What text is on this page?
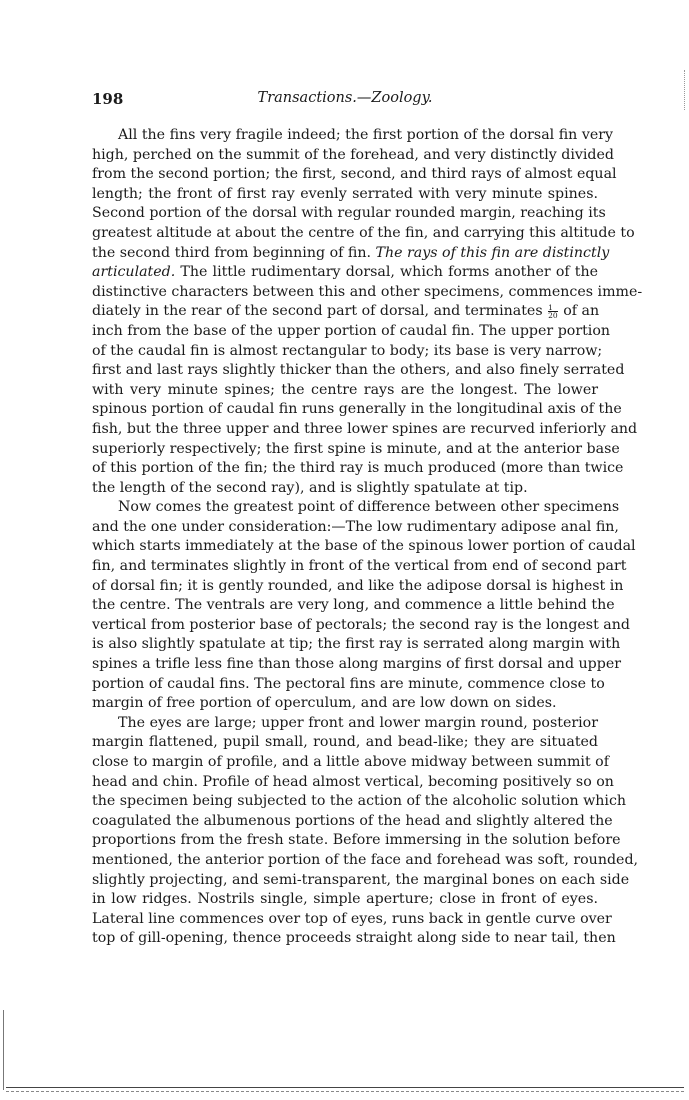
198	Transactions.—Zoology.
All the fins very fragile indeed; the first portion of the dorsal fin very
high, perched on the summit of the forehead, and very distinctly divided
from the second portion; the first, second, and third rays of almost equal
length; the front of first ray evenly serrated with very minute spines.
Second portion of the dorsal with regular rounded margin, reaching its
greatest altitude at about the centre of the fin, and carrying this altitude to
the second third from beginning of fin. The rays of this fin are distinctly
articulated. The little rudimentary dorsal, which forms another of the
distinctive characters between this and other specimens, commences imme-
diately in the rear of the second part of dorsal, and terminates $\frac{1}{20}$ of an
inch from the base of the upper portion of caudal fin. The upper portion
of the caudal fin is almost rectangular to body; its base is very narrow;
first and last rays slightly thicker than the others, and also finely serrated
with very minute spines; the centre rays are the longest. The lower
spinous portion of caudal fin runs generally in the longitudinal axis of the
fish, but the three upper and three lower spines are recurved inferiorly and
superiorly respectively; the first spine is minute, and at the anterior base
of this portion of the fin; the third ray is much produced (more than twice
the length of the second ray), and is slightly spatulate at tip.
Now comes the greatest point of difference between other specimens
and the one under consideration:—The low rudimentary adipose anal fin,
which starts immediately at the base of the spinous lower portion of caudal
fin, and terminates slightly in front of the vertical from end of second part
of dorsal fin; it is gently rounded, and like the adipose dorsal is highest in
the centre. The ventrals are very long, and commence a little behind the
vertical from posterior base of pectorals; the second ray is the longest and
is also slightly spatulate at tip; the first ray is serrated along margin with
spines a trifle less fine than those along margins of first dorsal and upper
portion of caudal fins. The pectoral fins are minute, commence close to
margin of free portion of operculum, and are low down on sides.
The eyes are large; upper front and lower margin round, posterior
margin flattened, pupil small, round, and bead-like; they are situated
close to margin of profile, and a little above midway between summit of
head and chin. Profile of head almost vertical, becoming positively so on
the specimen being subjected to the action of the alcoholic solution which
coagulated the albumenous portions of the head and slightly altered the
proportions from the fresh state. Before immersing in the solution before
mentioned, the anterior portion of the face and forehead was soft, rounded,
slightly projecting, and semi-transparent, the marginal bones on each side
in low ridges. Nostrils single, simple aperture; close in front of eyes.
Lateral line commences over top of eyes, runs back in gentle curve over
top of gill-opening, thence proceeds straight along side to near tail, then
